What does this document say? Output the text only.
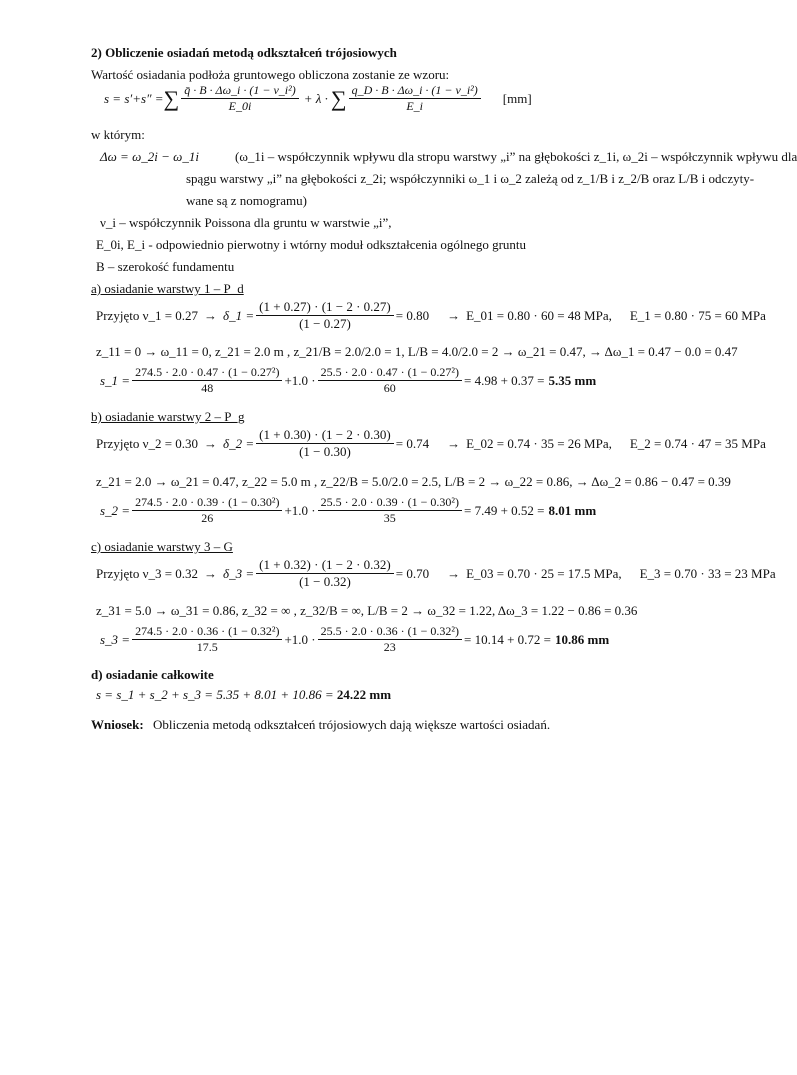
2) Obliczenie osiadań metodą odkształceń trójosiowych
Wartość osiadania podłoża gruntowego obliczona zostanie ze wzoru:
s = s′+s″ = ∑ $\frac{\text{q̄ · B · Δω\_i · (1 − ν\_i²)}}{E\_0i} + \lambda$ · ∑ $\frac{\text{q\_D · B · Δω\_i · (1 − ν\_i²)}}{E\_i} [mm]$
w którym:
Δω = ω_2i − ω_1i	(ω_1i – współczynnik wpływu dla stropu warstwy „i” na głębokości z_1i, ω_2i – współczynnik wpływu dla
spągu warstwy „i” na głębokości z_2i; współczynniki ω_1 i ω_2 zależą od z_1/B i z_2/B oraz L/B i odczyty-
wane są z nomogramu)
ν_i – współczynnik Poissona dla gruntu w warstwie „i”,
E_0i, E_i - odpowiednio pierwotny i wtórny moduł odkształcenia ogólnego gruntu
B – szerokość fundamentu
a) osiadanie warstwy 1 – P_d
Przyjęto ν_1 = 0.27 → δ_1 = $\frac{(1 + 0.27) \cdot (1 - 2 \cdot 0.27)}{(1 - 0.27)} = 0.80$ → E_01 = 0.80 · 60 = 48 MPa, E_1 = 0.80 · 75 = 60 MPa
z_11 = 0 → ω_11 = 0, z_21 = 2.0 m , z_21/B = 2.0/2.0 = 1, L/B = 4.0/2.0 = 2 → ω_21 = 0.47, → Δω_1 = 0.47 − 0.0 = 0.47
s_1 = $\frac{\text{274.5 · 2.0 · 0.47 · (1 − 0.27²)}}{48} +1.0 \cdot \frac{\text{25.5 · 2.0 · 0.47 · (1 − 0.27²)}}{60} = 4.98 + 0.37 = 5.35$ mm
b) osiadanie warstwy 2 – P_g
Przyjęto ν_2 = 0.30 → δ_2 = $\frac{(1 + 0.30) \cdot (1 - 2 \cdot 0.30)}{(1 - 0.30)} = 0.74$ → E_02 = 0.74 · 35 = 26 MPa, E_2 = 0.74 · 47 = 35 MPa
z_21 = 2.0 → ω_21 = 0.47, z_22 = 5.0 m , z_22/B = 5.0/2.0 = 2.5, L/B = 2 → ω_22 = 0.86, → Δω_2 = 0.86 − 0.47 = 0.39
s_2 = $\frac{\text{274.5 · 2.0 · 0.39 · (1 − 0.30²)}}{26} +1.0 \cdot \frac{\text{25.5 · 2.0 · 0.39 · (1 − 0.30²)}}{35} = 7.49 + 0.52 = 8.01$ mm
c) osiadanie warstwy 3 – G
Przyjęto ν_3 = 0.32 → δ_3 = $\frac{(1 + 0.32) \cdot (1 - 2 \cdot 0.32)}{(1 - 0.32)} = 0.70$ → E_03 = 0.70 · 25 = 17.5 MPa, E_3 = 0.70 · 33 = 23 MPa
z_31 = 5.0 → ω_31 = 0.86, z_32 = ∞ , z_32/B = ∞, L/B = 2 → ω_32 = 1.22, Δω_3 = 1.22 − 0.86 = 0.36
s_3 = $\frac{\text{274.5 · 2.0 · 0.36 · (1 − 0.32²)}}{17.5} +1.0 \cdot \frac{\text{25.5 · 2.0 · 0.36 · (1 − 0.32²)}}{23} = 10.14 + 0.72 = 10.86$ mm
d) osiadanie całkowite
s = s_1 + s_2 + s_3 = 5.35 + 8.01 + 10.86 = 24.22 mm
Wniosek: Obliczenia metodą odkształceń trójosiowych dają większe wartości osiadań.
